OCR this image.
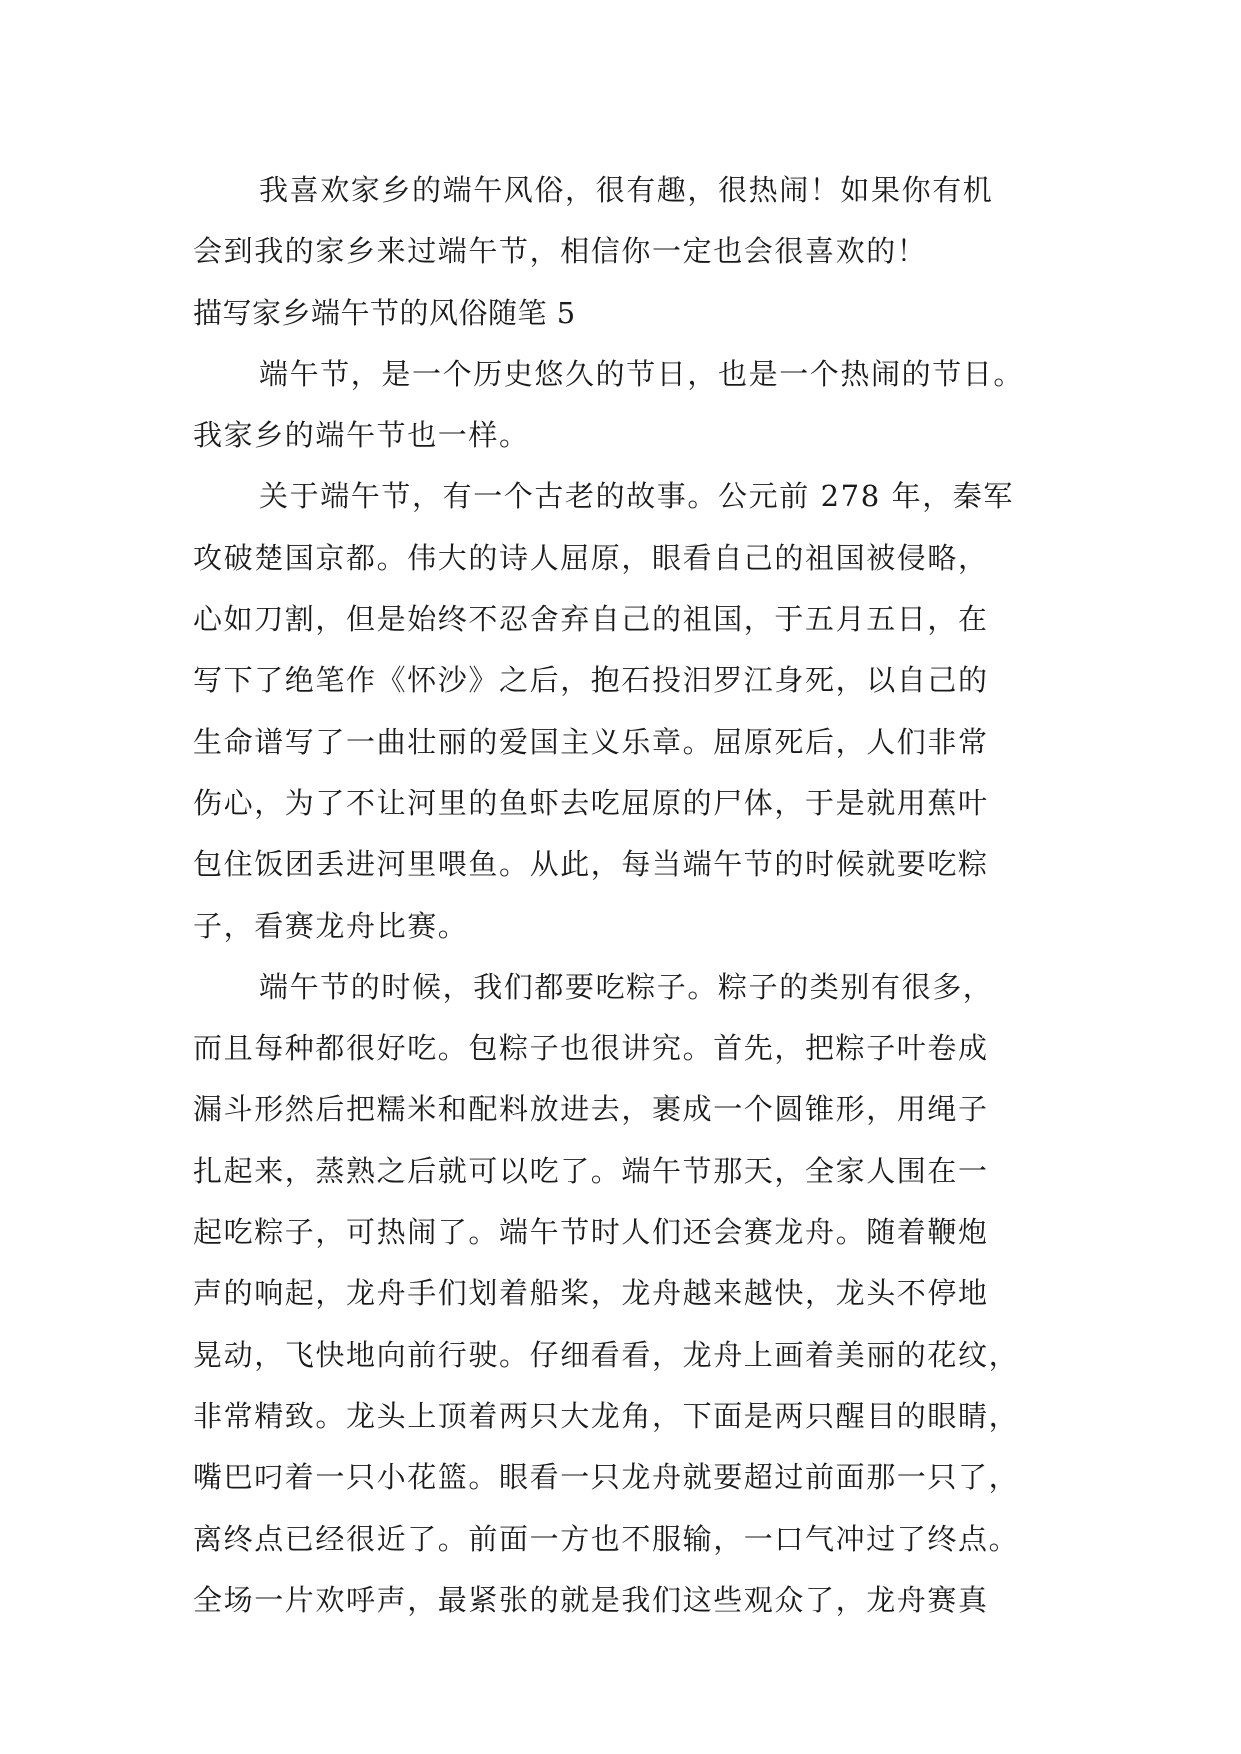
我喜欢家乡的端午风俗，很有趣，很热闹！如果你有机
会到我的家乡来过端午节，相信你一定也会很喜欢的！
描写家乡端午节的风俗随笔 5
端午节，是一个历史悠久的节日，也是一个热闹的节日。
我家乡的端午节也一样。
关于端午节，有一个古老的故事。公元前 278 年，秦军
攻破楚国京都。伟大的诗人屈原，眼看自己的祖国被侵略，
心如刀割，但是始终不忍舍弃自己的祖国，于五月五日，在
写下了绝笔作《怀沙》之后，抱石投汨罗江身死，以自己的
生命谱写了一曲壮丽的爱国主义乐章。屈原死后，人们非常
伤心，为了不让河里的鱼虾去吃屈原的尸体，于是就用蕉叶
包住饭团丢进河里喂鱼。从此，每当端午节的时候就要吃粽
子，看赛龙舟比赛。
端午节的时候，我们都要吃粽子。粽子的类别有很多，
而且每种都很好吃。包粽子也很讲究。首先，把粽子叶卷成
漏斗形然后把糯米和配料放进去，裹成一个圆锥形，用绳子
扎起来，蒸熟之后就可以吃了。端午节那天，全家人围在一
起吃粽子，可热闹了。端午节时人们还会赛龙舟。随着鞭炮
声的响起，龙舟手们划着船桨，龙舟越来越快，龙头不停地
晃动，飞快地向前行驶。仔细看看，龙舟上画着美丽的花纹，
非常精致。龙头上顶着两只大龙角，下面是两只醒目的眼睛，
嘴巴叼着一只小花篮。眼看一只龙舟就要超过前面那一只了，
离终点已经很近了。前面一方也不服输，一口气冲过了终点。
全场一片欢呼声，最紧张的就是我们这些观众了，龙舟赛真
